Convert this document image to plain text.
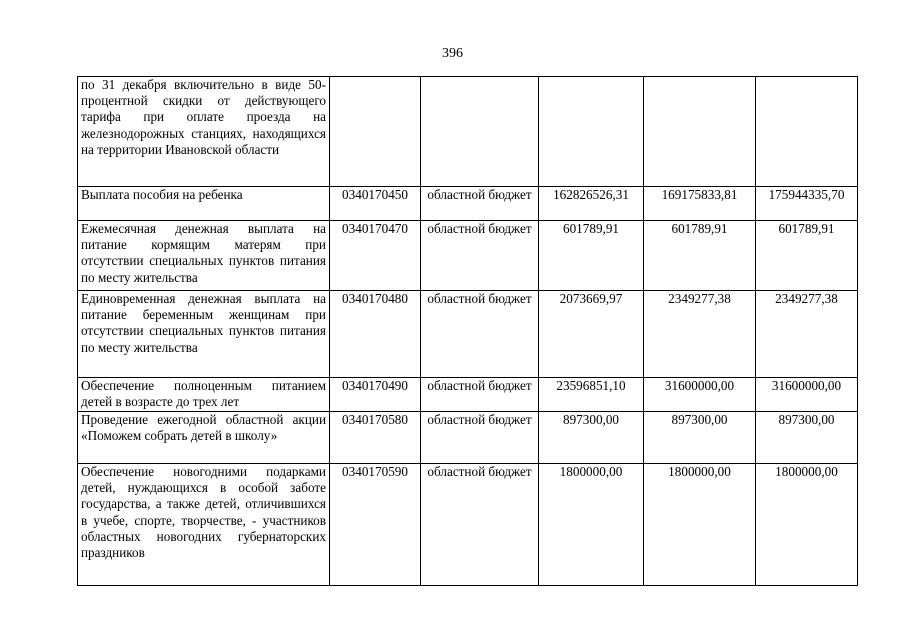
396
по 31 декабря включительно в виде 50-процентной скидки от действующего тарифа при оплате проезда на железнодорожных станциях, находящихся на территории Ивановской области					
Выплата пособия на ребенка	0340170450	областной бюджет	162826526,31	169175833,81	175944335,70
Ежемесячная денежная выплата на питание кормящим матерям при отсутствии специальных пунктов питания по месту жительства	0340170470	областной бюджет	601789,91	601789,91	601789,91
Единовременная денежная выплата на питание беременным женщинам при отсутствии специальных пунктов питания по месту жительства	0340170480	областной бюджет	2073669,97	2349277,38	2349277,38
Обеспечение полноценным питанием детей в возрасте до трех лет	0340170490	областной бюджет	23596851,10	31600000,00	31600000,00
Проведение ежегодной областной акции «Поможем собрать детей в школу»	0340170580	областной бюджет	897300,00	897300,00	897300,00
Обеспечение новогодними подарками детей, нуждающихся в особой заботе государства, а также детей, отличившихся в учебе, спорте, творчестве, - участников областных новогодних губернаторских праздников	0340170590	областной бюджет	1800000,00	1800000,00	1800000,00
